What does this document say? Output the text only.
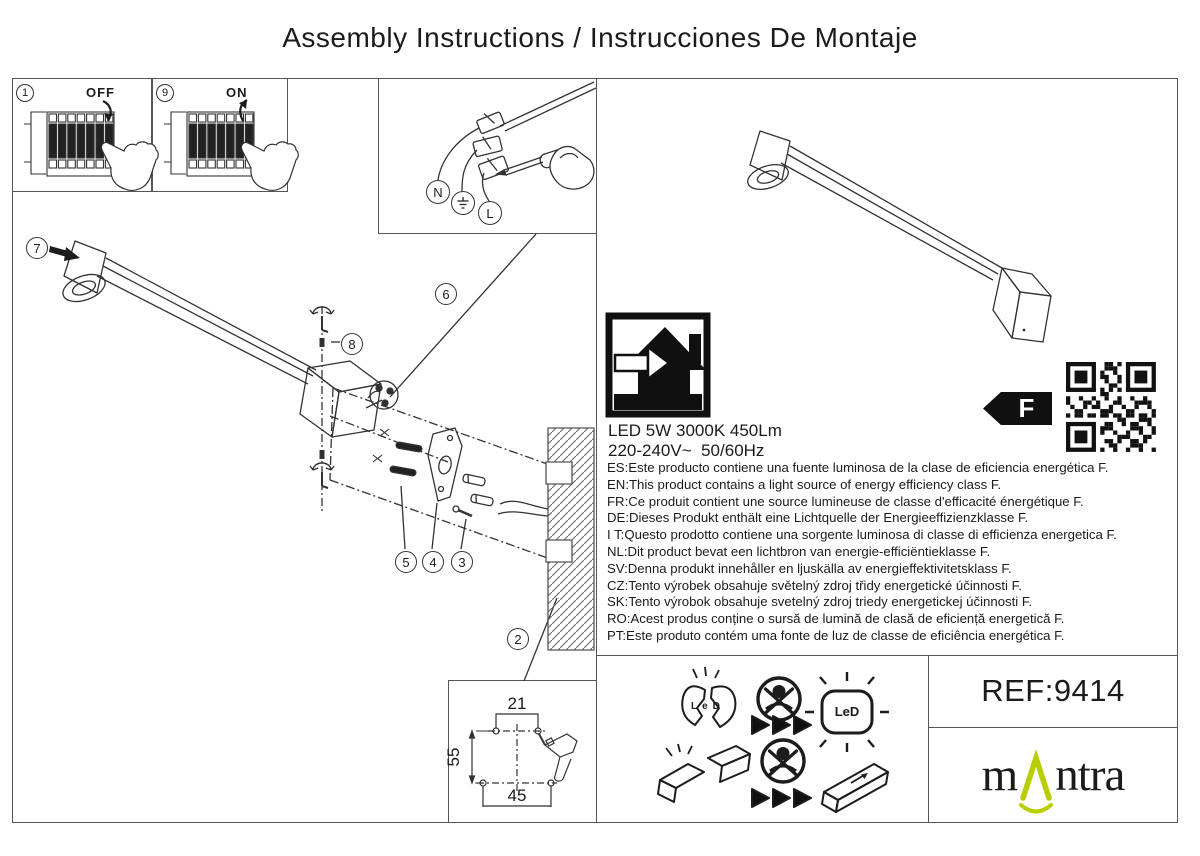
Assembly Instructions / Instrucciones De Montaje
1	9
OFF	ON
7
8
6
5	4	3
2
N
L
LED 5W 3000K 450Lm
220-240V~  50/60Hz
ES:Este producto contiene una fuente luminosa de la clase de eficiencia energética F.
EN:This product contains a light source of energy efficiency class F.
FR:Ce produit contient une source lumineuse de classe d'efficacité énergétique F.
DE:Dieses Produkt enthält eine Lichtquelle der Energieeffizienzklasse F.
I T:Questo prodotto contiene una sorgente luminosa di classe di efficienza energetica F.
NL:Dit product bevat een lichtbron van energie-efficiëntieklasse F.
SV:Denna produkt innehåller en ljuskälla av energieffektivitetsklass F.
CZ:Tento výrobek obsahuje světelný zdroj třidy energetické účinnosti F.
SK:Tento výrobok obsahuje svetelný zdroj triedy energetickej účinnosti F.
RO:Acest produs conține o sursă de lumină de clasă de eficiență energetică F.
PT:Este produto contém uma fonte de luz de classe de eficiência energética F.
F
21
55
45
LeD
LeD	REF:9414
m ntra
